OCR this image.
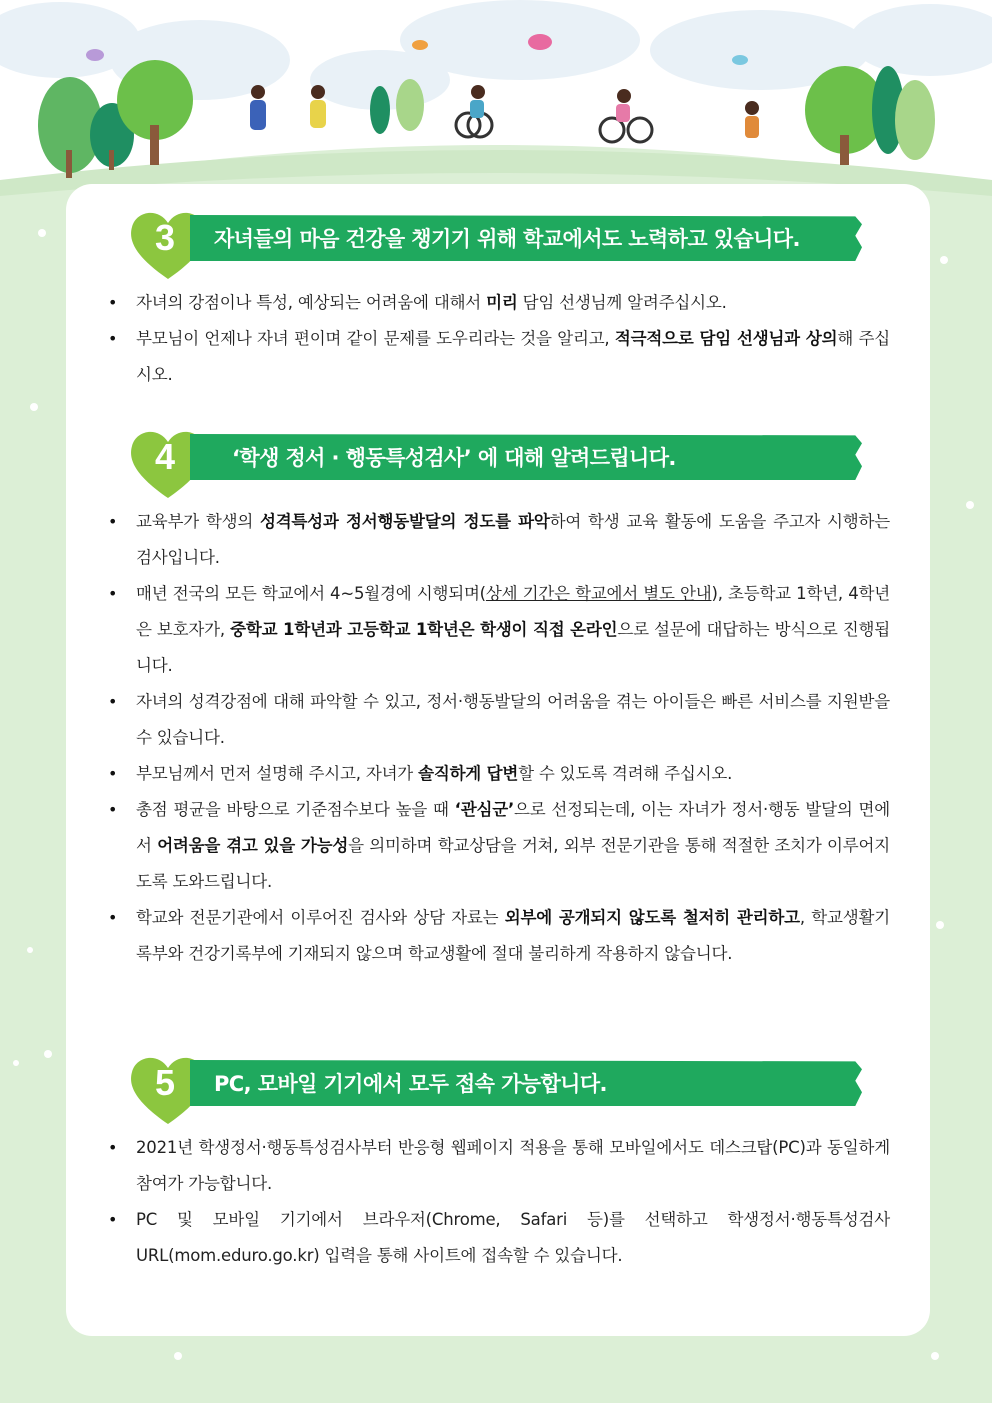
3	자녀들의 마음 건강을 챙기기 위해 학교에서도 노력하고 있습니다.
• 자녀의 강점이나 특성, 예상되는 어려움에 대해서 미리 담임 선생님께 알려주십시오.
• 부모님이 언제나 자녀 편이며 같이 문제를 도우리라는 것을 알리고, 적극적으로 담임 선생님과 상의해 주십시오.
4	‘학생 정서 · 행동특성검사’ 에 대해 알려드립니다.
• 교육부가 학생의 성격특성과 정서행동발달의 정도를 파악하여 학생 교육 활동에 도움을 주고자 시행하는 검사입니다.
• 매년 전국의 모든 학교에서 4~5월경에 시행되며(상세 기간은 학교에서 별도 안내), 초등학교 1학년, 4학년은 보호자가, 중학교 1학년과 고등학교 1학년은 학생이 직접 온라인으로 설문에 대답하는 방식으로 진행됩니다.
• 자녀의 성격강점에 대해 파악할 수 있고, 정서·행동발달의 어려움을 겪는 아이들은 빠른 서비스를 지원받을 수 있습니다.
• 부모님께서 먼저 설명해 주시고, 자녀가 솔직하게 답변할 수 있도록 격려해 주십시오.
• 총점 평균을 바탕으로 기준점수보다 높을 때 ‘관심군’으로 선정되는데, 이는 자녀가 정서·행동 발달의 면에서 어려움을 겪고 있을 가능성을 의미하며 학교상담을 거쳐, 외부 전문기관을 통해 적절한 조치가 이루어지도록 도와드립니다.
• 학교와 전문기관에서 이루어진 검사와 상담 자료는 외부에 공개되지 않도록 철저히 관리하고, 학교생활기록부와 건강기록부에 기재되지 않으며 학교생활에 절대 불리하게 작용하지 않습니다.
5	PC, 모바일 기기에서 모두 접속 가능합니다.
• 2021년 학생정서·행동특성검사부터 반응형 웹페이지 적용을 통해 모바일에서도 데스크탑(PC)과 동일하게 참여가 가능합니다.
• PC 및 모바일 기기에서 브라우저(Chrome, Safari 등)를 선택하고 학생정서·행동특성검사 URL(mom.eduro.go.kr) 입력을 통해 사이트에 접속할 수 있습니다.
